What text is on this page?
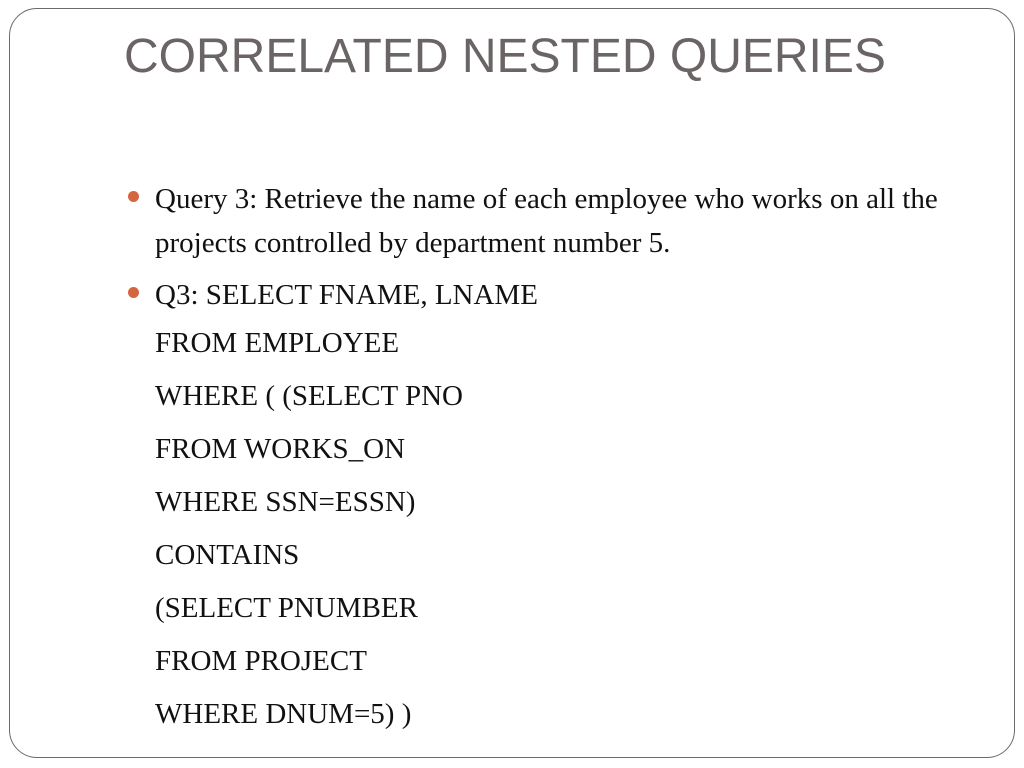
CORRELATED NESTED QUERIES
Query 3: Retrieve the name of each employee who works on all the projects controlled by department number 5.
Q3: SELECT FNAME, LNAME
FROM EMPLOYEE
WHERE ( (SELECT PNO
FROM WORKS_ON
WHERE SSN=ESSN)
CONTAINS
(SELECT PNUMBER
FROM PROJECT
WHERE DNUM=5) )
